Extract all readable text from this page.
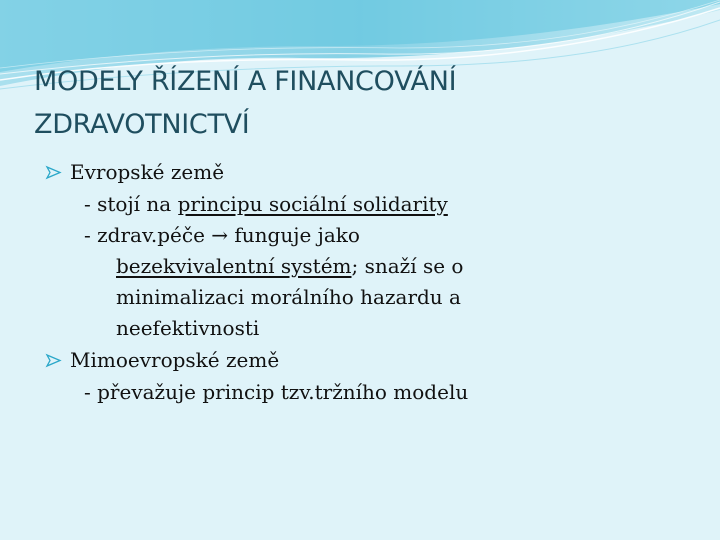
MODELY ŘÍZENÍ A FINANCOVÁNÍ
ZDRAVOTNICTVÍ
Evropské země
- stojí na principu sociální solidarity
- zdrav.péče → funguje jako
bezekvivalentní systém; snaží se o
minimalizaci morálního hazardu a
neefektivnosti
Mimoevropské země
- převažuje princip tzv.tržního modelu
